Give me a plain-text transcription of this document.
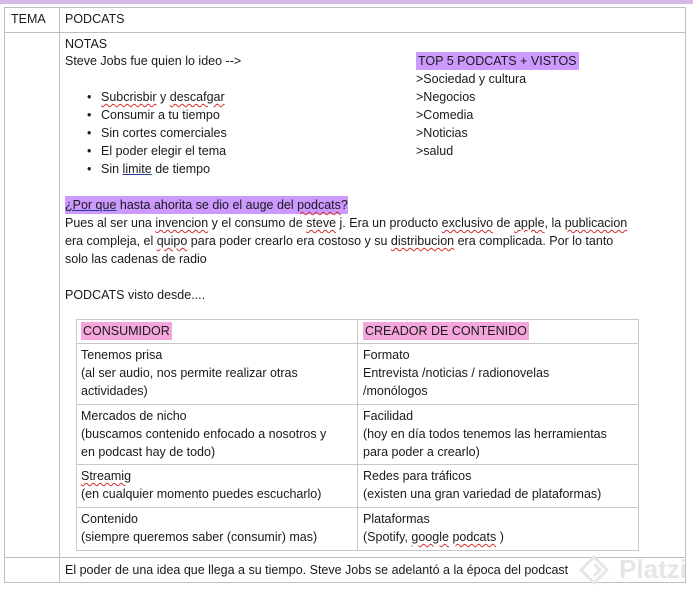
TEMA PODCATS
NOTAS
Steve Jobs fue quien lo ideo -->
• Subcrisbir y descafgar
• Consumir a tu tiempo
• Sin cortes comerciales
• El poder elegir el tema
• Sin limite de tiempo
TOP 5 PODCATS + VISTOS
>Sociedad y cultura
>Negocios
>Comedia
>Noticias
>salud
¿Por que hasta ahorita se dio el auge del podcats?
Pues al ser una invencion y el consumo de steve j. Era un producto exclusivo de apple, la publicacion
era compleja, el quipo para poder crearlo era costoso y su distribucion era complicada. Por lo tanto
solo las cadenas de radio
PODCATS visto desde....
CONSUMIDOR	CREADOR DE CONTENIDO
Tenemos prisa
(al ser audio, nos permite realizar otras
actividades)
Formato
Entrevista /noticias / radionovelas
/monólogos
Mercados de nicho
(buscamos contenido enfocado a nosotros y
en podcast hay de todo)
Facilidad
(hoy en día todos tenemos las herramientas
para poder a crearlo)
Streamig
(en cualquier momento puedes escucharlo)
Redes para tráficos
(existen una gran variedad de plataformas)
Contenido
(siempre queremos saber (consumir) mas)
Plataformas
(Spotify, google podcats )
El poder de una idea que llega a su tiempo. Steve Jobs se adelantó a la época del podcast Platzi
